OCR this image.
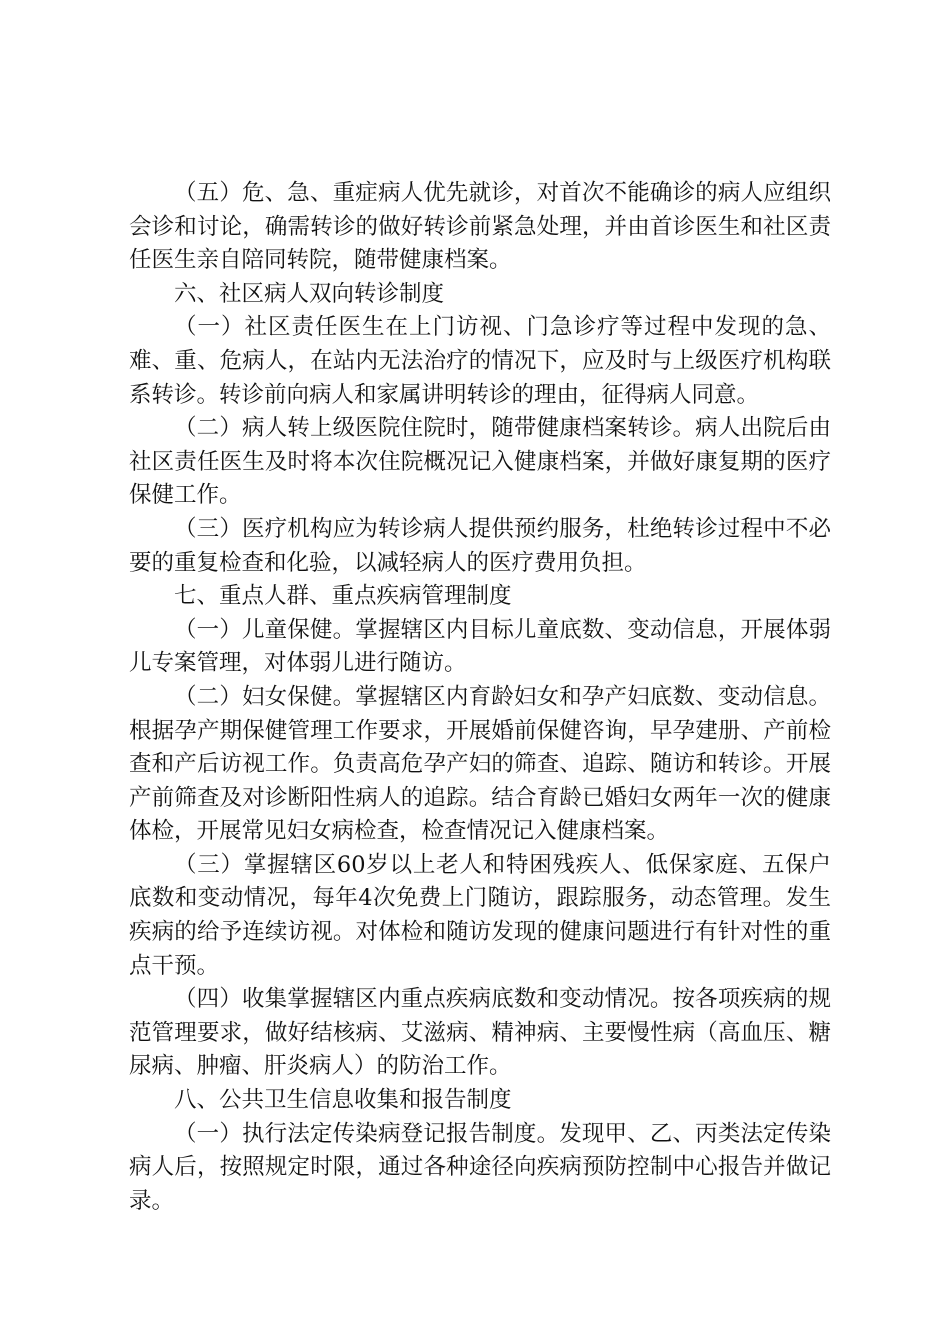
（五）危、急、重症病人优先就诊，对首次不能确诊的病人应组织会诊和讨论，确需转诊的做好转诊前紧急处理，并由首诊医生和社区责任医生亲自陪同转院，随带健康档案。

六、社区病人双向转诊制度

（一）社区责任医生在上门访视、门急诊疗等过程中发现的急、难、重、危病人，在站内无法治疗的情况下，应及时与上级医疗机构联系转诊。转诊前向病人和家属讲明转诊的理由，征得病人同意。

（二）病人转上级医院住院时，随带健康档案转诊。病人出院后由社区责任医生及时将本次住院概况记入健康档案，并做好康复期的医疗保健工作。

（三）医疗机构应为转诊病人提供预约服务，杜绝转诊过程中不必要的重复检查和化验，以减轻病人的医疗费用负担。

七、重点人群、重点疾病管理制度

（一）儿童保健。掌握辖区内目标儿童底数、变动信息，开展体弱儿专案管理，对体弱儿进行随访。

（二）妇女保健。掌握辖区内育龄妇女和孕产妇底数、变动信息。根据孕产期保健管理工作要求，开展婚前保健咨询，早孕建册、产前检查和产后访视工作。负责高危孕产妇的筛查、追踪、随访和转诊。开展产前筛查及对诊断阳性病人的追踪。结合育龄已婚妇女两年一次的健康体检，开展常见妇女病检查，检查情况记入健康档案。

（三）掌握辖区60岁以上老人和特困残疾人、低保家庭、五保户底数和变动情况，每年4次免费上门随访，跟踪服务，动态管理。发生疾病的给予连续访视。对体检和随访发现的健康问题进行有针对性的重点干预。

（四）收集掌握辖区内重点疾病底数和变动情况。按各项疾病的规范管理要求，做好结核病、艾滋病、精神病、主要慢性病（高血压、糖尿病、肿瘤、肝炎病人）的防治工作。

八、公共卫生信息收集和报告制度

（一）执行法定传染病登记报告制度。发现甲、乙、丙类法定传染病人后，按照规定时限，通过各种途径向疾病预防控制中心报告并做记录。
